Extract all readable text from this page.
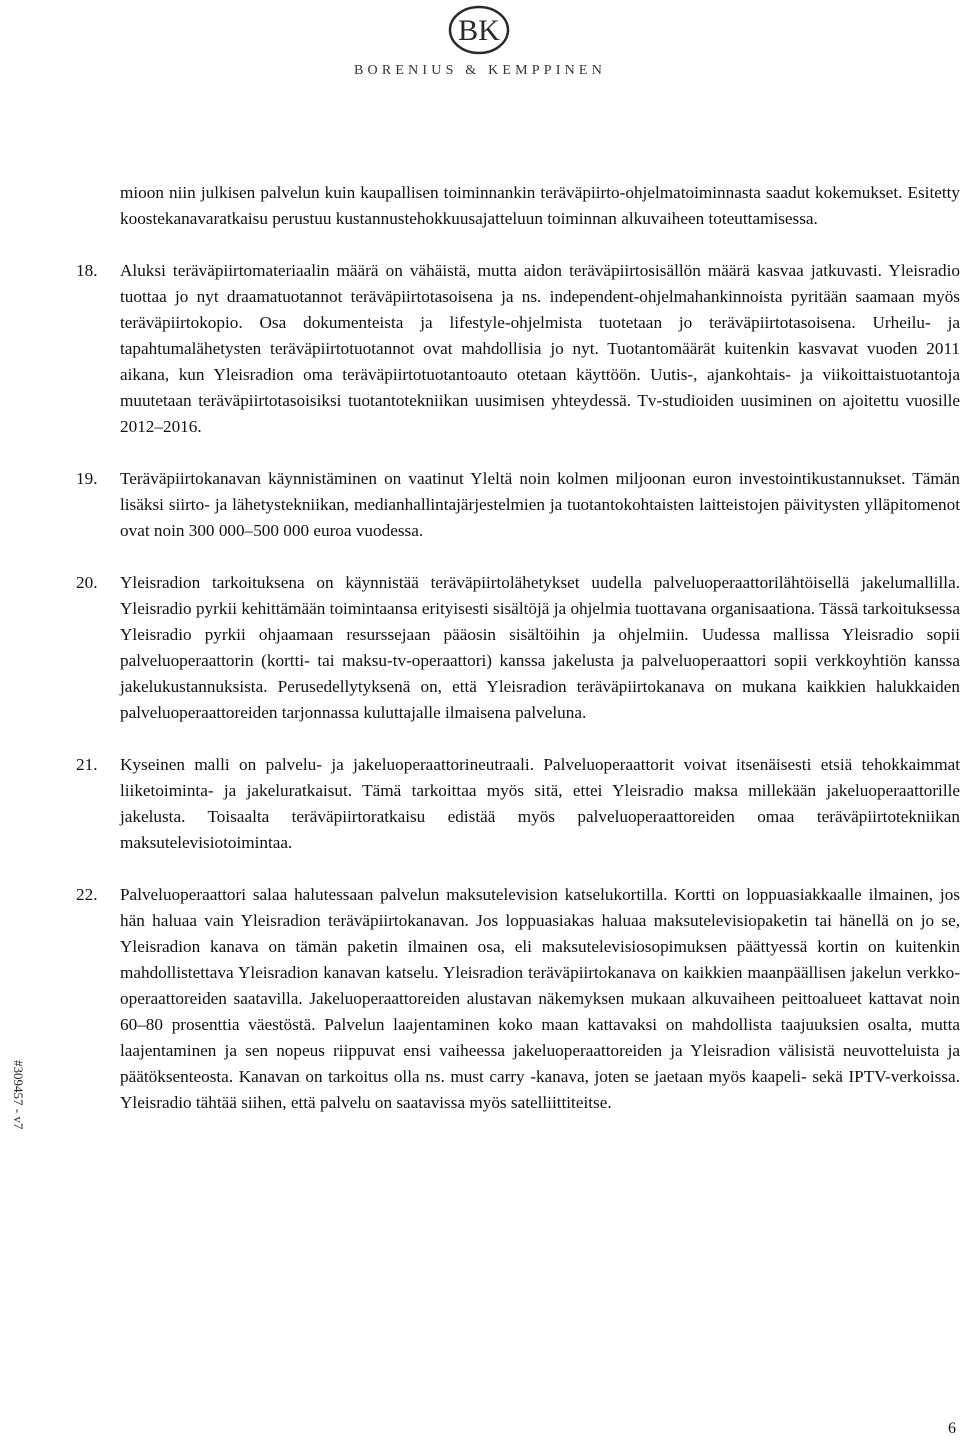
BK
BORENIUS & KEMPPINEN

mioon niin julkisen palvelun kuin kaupallisen toiminnankin teräväpiirto-ohjelmatoiminnasta saadut kokemukset. Esitetty koostekanavaratkaisu perustuu kustannustehokkuusajatteluun toiminnan alkuvaiheen toteuttamisessa.

18. Aluksi teräväpiirtomateriaalin määrä on vähäistä, mutta aidon teräväpiirtosisällön määrä kasvaa jatkuvasti. Yleisradio tuottaa jo nyt draamatuotannot teräväpiirtotasoisena ja ns. independent-ohjelmahankinnoista pyritään saamaan myös teräväpiirtokopio. Osa dokumenteista ja lifestyle-ohjelmista tuotetaan jo teräväpiirtotasoisena. Urheilu- ja tapahtumalähetysten teräväpiirtotuotannot ovat mahdollisia jo nyt. Tuotantomäärät kuitenkin kasvavat vuoden 2011 aikana, kun Yleisradion oma teräväpiirtotuotantoauto otetaan käyttöön. Uutis-, ajankohtais- ja viikoittaistuotantoja muutetaan teräväpiirtotasoisiksi tuotantotekniikan uusimisen yhteydessä. Tv-studioiden uusiminen on ajoitettu vuosille 2012–2016.

19. Teräväpiirtokanavan käynnistäminen on vaatinut Yleltä noin kolmen miljoonan euron investointikustannukset. Tämän lisäksi siirto- ja lähetystekniikan, medianhallintajärjestelmien ja tuotantokohtaisten laitteistojen päivitysten ylläpitomenot ovat noin 300 000–500 000 euroa vuodessa.

20. Yleisradion tarkoituksena on käynnistää teräväpiirtolähetykset uudella palveluoperaattorilähtöisellä jakelumallilla. Yleisradio pyrkii kehittämään toimintaansa erityisesti sisältöjä ja ohjelmia tuottavana organisaationa. Tässä tarkoituksessa Yleisradio pyrkii ohjaamaan resurssejaan pääosin sisältöihin ja ohjelmiin. Uudessa mallissa Yleisradio sopii palveluoperaattorin (kortti- tai maksu-tv-operaattori) kanssa jakelusta ja palveluoperaattori sopii verkkoyhtiön kanssa jakelukustannuksista. Perusedellytyksenä on, että Yleisradion teräväpiirtokanava on mukana kaikkien halukkaiden palveluoperaattoreiden tarjonnassa kuluttajalle ilmaisena palveluna.

21. Kyseinen malli on palvelu- ja jakeluoperaattorineutraali. Palveluoperaattorit voivat itsenäisesti etsiä tehokkaimmat liiketoiminta- ja jakeluratkaisut. Tämä tarkoittaa myös sitä, ettei Yleisradio maksa millekään jakeluoperaattorille jakelusta. Toisaalta teräväpiirtoratkaisu edistää myös palveluoperaattoreiden omaa teräväpiirtotekniikan maksutelevisiotoimintaa.

22. Palveluoperaattori salaa halutessaan palvelun maksutelevision katselukortilla. Kortti on loppuasiakkaalle ilmainen, jos hän haluaa vain Yleisradion teräväpiirtokanavan. Jos loppuasiakas haluaa maksutelevisiopaketin tai hänellä on jo se, Yleisradion kanava on tämän paketin ilmainen osa, eli maksutelevisiosopimuksen päättyessä kortin on kuitenkin mahdollistettava Yleisradion kanavan katselu. Yleisradion teräväpiirtokanava on kaikkien maanpäällisen jakelun verkko-operaattoreiden saatavilla. Jakeluoperaattoreiden alustavan näkemyksen mukaan alkuvaiheen peittoalueet kattavat noin 60–80 prosenttia väestöstä. Palvelun laajentaminen koko maan kattavaksi on mahdollista taajuuksien osalta, mutta laajentaminen ja sen nopeus riippuvat ensi vaiheessa jakeluoperaattoreiden ja Yleisradion välisistä neuvotteluista ja päätöksenteosta. Kanavan on tarkoitus olla ns. must carry -kanava, joten se jaetaan myös kaapeli- sekä IPTV-verkoissa. Yleisradio tähtää siihen, että palvelu on saatavissa myös satelliittiteitse.

#309457 - v7
6
